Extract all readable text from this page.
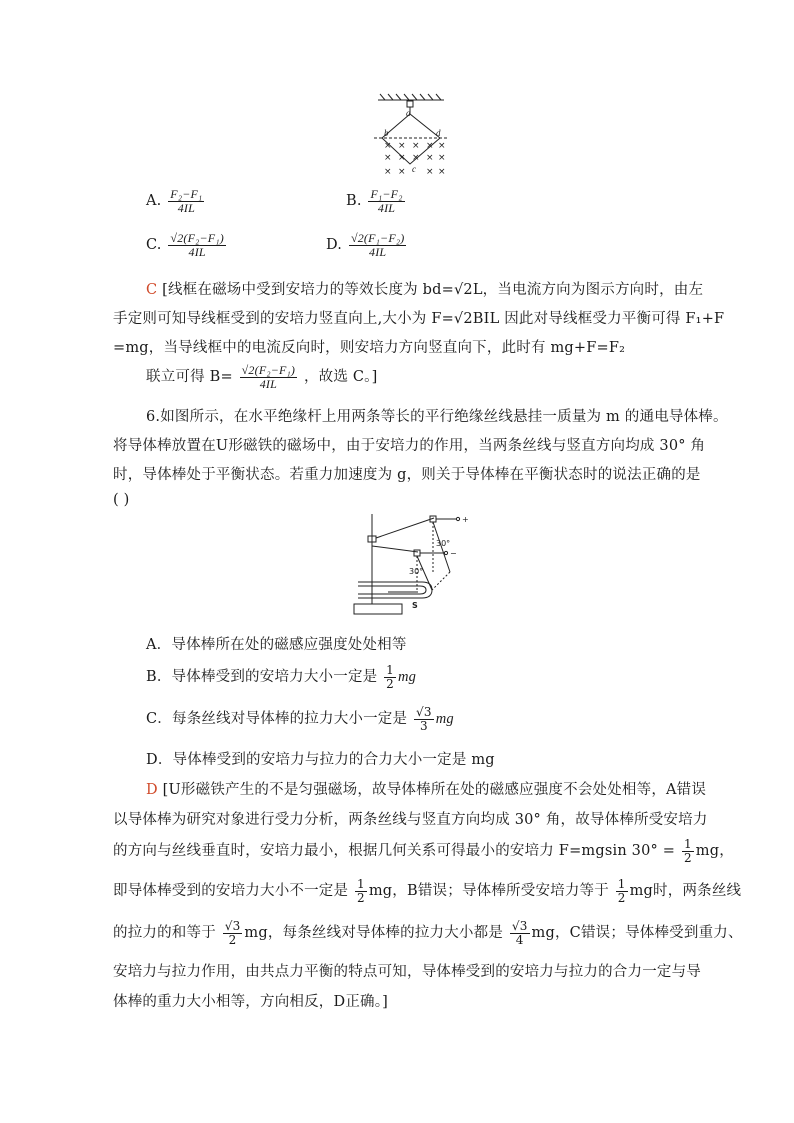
a
b	d
c
× × × × ×
× × × × ×
× × × ×
A. $\frac{\text{F₂−F₁}}{4IL}$	B. $\frac{\text{F₁−F₂}}{4IL}$
C. $\frac{\text{√2(F₂−F₁)}}{4IL}$	D. $\frac{\text{√2(F₁−F₂)}}{4IL}$
C [线框在磁场中受到安培力的等效长度为 bd=√2L，当电流方向为图示方向时，由左
手定则可知导线框受到的安培力竖直向上,大小为 F=√2BIL 因此对导线框受力平衡可得 F₁+F
=mg，当导线框中的电流反向时，则安培力方向竖直向下，此时有 mg+F=F₂
联立可得 $B= \frac{\text{√2(F₂−F₁)}}{4IL}$ ，故选 C。]
6.如图所示，在水平绝缘杆上用两条等长的平行绝缘丝线悬挂一质量为 m 的通电导体棒。
将导体棒放置在U形磁铁的磁场中，由于安培力的作用，当两条丝线与竖直方向均成 30° 角
时，导体棒处于平衡状态。若重力加速度为 g，则关于导体棒在平衡状态时的说法正确的是
( )
+
−
30°
30°
S
A．导体棒所在处的磁感应强度处处相等
B．导体棒受到的安培力大小一定是 $\frac{1}{2}$ mg
C．每条丝线对导体棒的拉力大小一定是 $\frac{√3}{3}$ mg
D．导体棒受到的安培力与拉力的合力大小一定是 mg
D [U形磁铁产生的不是匀强磁场，故导体棒所在处的磁感应强度不会处处相等，A错误
以导体棒为研究对象进行受力分析，两条丝线与竖直方向均成 30° 角，故导体棒所受安培力
的方向与丝线垂直时，安培力最小，根据几何关系可得最小的安培力 F=mgsin $30^\circ = \frac{1}{2}$ mg，
即导体棒受到的安培力大小不一定是 $\frac{1}{2}$ mg，B错误；导体棒所受安培力等于 $\frac{1}{2}$ mg时，两条丝线
的拉力的和等于 $\frac{√3}{2}$ mg，每条丝线对导体棒的拉力大小都是 $\frac{√3}{4}$ mg，C错误；导体棒受到重力、
安培力与拉力作用，由共点力平衡的特点可知，导体棒受到的安培力与拉力的合力一定与导
体棒的重力大小相等，方向相反，D正确。]
